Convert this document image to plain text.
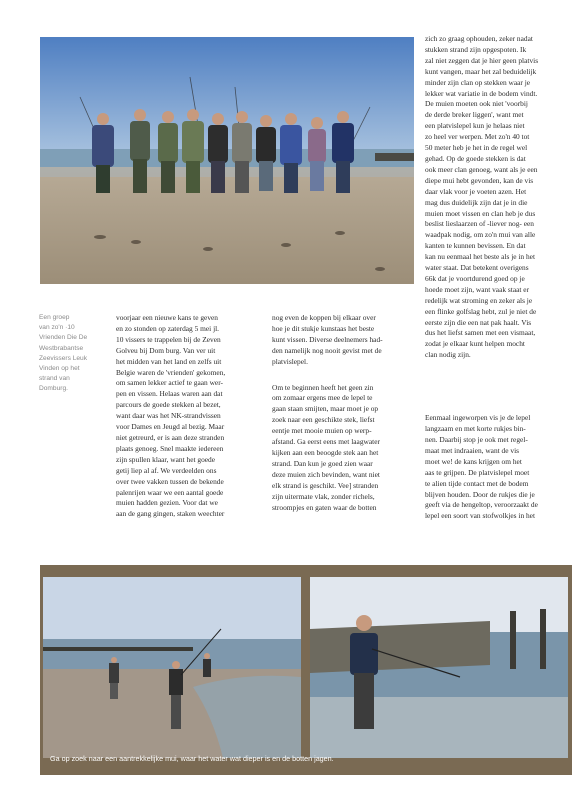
Een groep
van zo'n ·10
Vrienden Die De
Westbrabantse
Zeevissers Leuk
Vinden op het
strand van
Domburg.
voorjaar een nieuwe kans te geven
en zo stonden op zaterdag 5 mei jl.
10 vissers te trappelen bij de Zeven
Golveu bij Dom burg. Van ver uit
het midden van het land en zelfs uit
Belgie waren de 'vrienden' gekomen,
om samen lekker actief te gaan wer-
pen en vissen. Helaas waren aan dat
parcours de goede stekken al bezet,
want daar was het NK-strandvissen
voor Dames en Jeugd al bezig. Maar
niet getreurd, er is aan deze stranden
plaats genoeg. Snel maakte iedereen
zijn spullen klaar, want het goede
getij liep al af. We verdeelden ons
over twee vakken tussen de bekende
palenrijen waar we een aantal goede
muien hadden gezien. Voor dat we
aan de gang gingen, staken weechter
nog even de koppen bij elkaar over
hoe je dit stukje kunstaas het beste
kunt vissen. Diverse deelnemers had-
den namelijk nog nooit gevist met de
platvislepel.
Om te beginnen heeft het geen zin
om zomaar ergens mee de lepel te
gaan staan smijten, maar moet je op
zoek naar een geschikte stek, liefst
eentje met mooie muien op werp-
afstand. Ga eerst eens met laagwater
kijken aan een beoogde stek aan het
strand. Dan kun je goed zien waar
deze muien zich bevinden, want niet
elk strand is geschikt. Vee] stranden
zijn uitermate vlak, zonder richels,
stroompjes en gaten waar de botten
zich zo graag ophouden, zeker nadat
stukken strand zijn opgespoten. Ik
zal niet zeggen dat je hier geen platvis
kunt vangen, maar het zal beduidelijk
minder zijn clan op stekken waar je
lekker wat variatie in de bodem vindt.
De muien moeten ook niet 'voorbij
de derde breker liggen', want met
een platvislepel kun je helaas niet
zo heel ver werpen. Met zo'n 40 tot
50 meter heb je het in de regel wel
gehad. Op de goede stekken is dat
ook meer clan genoeg, want als je een
diepe mui hebt gevonden, kan de vis
daar vlak voor je voeten azen. Het
mag dus duidelijk zijn dat je in die
muien moet vissen en clan heb je dus
beslist lieslaarzen of -liever nog- een
waadpak nodig, om zo'n mui van alle
kanten te kunnen bevissen. En dat
kan nu eenmaal het beste als je in het
water staat. Dat betekent overigens
66k dat je voortdurend goed op je
hoede moet zijn, want vaak staat er
redelijk wat stroming en zeker als je
een flinke golfslag hebt, zul je niet de
eerste zijn die een nat pak haalt. Vis
dus het liefst samen met een vismaat,
zodat je elkaar kunt helpen mocht
clan nodig zijn.
Eenmaal ingeworpen vis je de lepel
langzaam en met korte rukjes bin-
nen. Daarbij stop je ook met regel-
maat met indraaien, want de vis
moet we! de kans krijgen om het
aas te grijpen. De platvislepel moet
te alien tijde contact met de bodem
blijven houden. Door de rukjes die je
geeft via de hengeltop, veroorzaakt de
lepel een soort van stofwolkjes in het
Ga op zoek naar een aantrekkelijke mui, waar het water wat dieper is en de botten jagen.
